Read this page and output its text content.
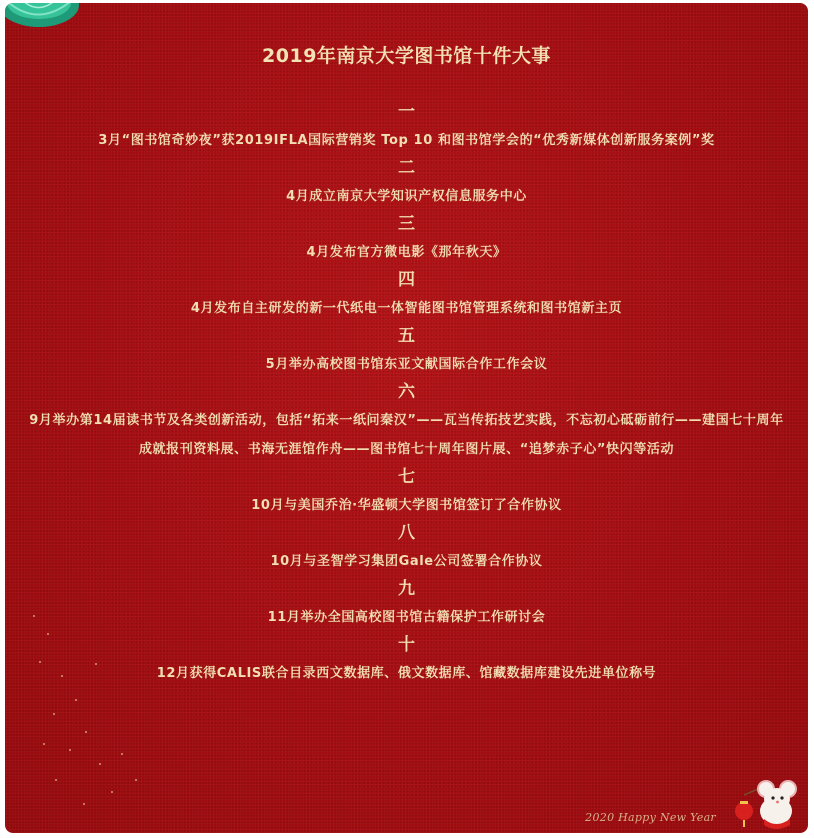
2019年南京大学图书馆十件大事
一
3月“图书馆奇妙夜”获2019IFLA国际营销奖 Top 10 和图书馆学会的“优秀新媒体创新服务案例”奖
二
4月成立南京大学知识产权信息服务中心
三
4月发布官方微电影《那年秋天》
四
4月发布自主研发的新一代纸电一体智能图书馆管理系统和图书馆新主页
五
5月举办高校图书馆东亚文献国际合作工作会议
六
9月举办第14届读书节及各类创新活动，包括“拓来一纸问秦汉”——瓦当传拓技艺实践，不忘初心砥砺前行——建国七十周年成就报刊资料展、书海无涯馆作舟——图书馆七十周年图片展、“追梦赤子心”快闪等活动
七
10月与美国乔治·华盛顿大学图书馆签订了合作协议
八
10月与圣智学习集团Gale公司签署合作协议
九
11月举办全国高校图书馆古籍保护工作研讨会
十
12月获得CALIS联合目录西文数据库、俄文数据库、馆藏数据库建设先进单位称号
2020 Happy New Year
